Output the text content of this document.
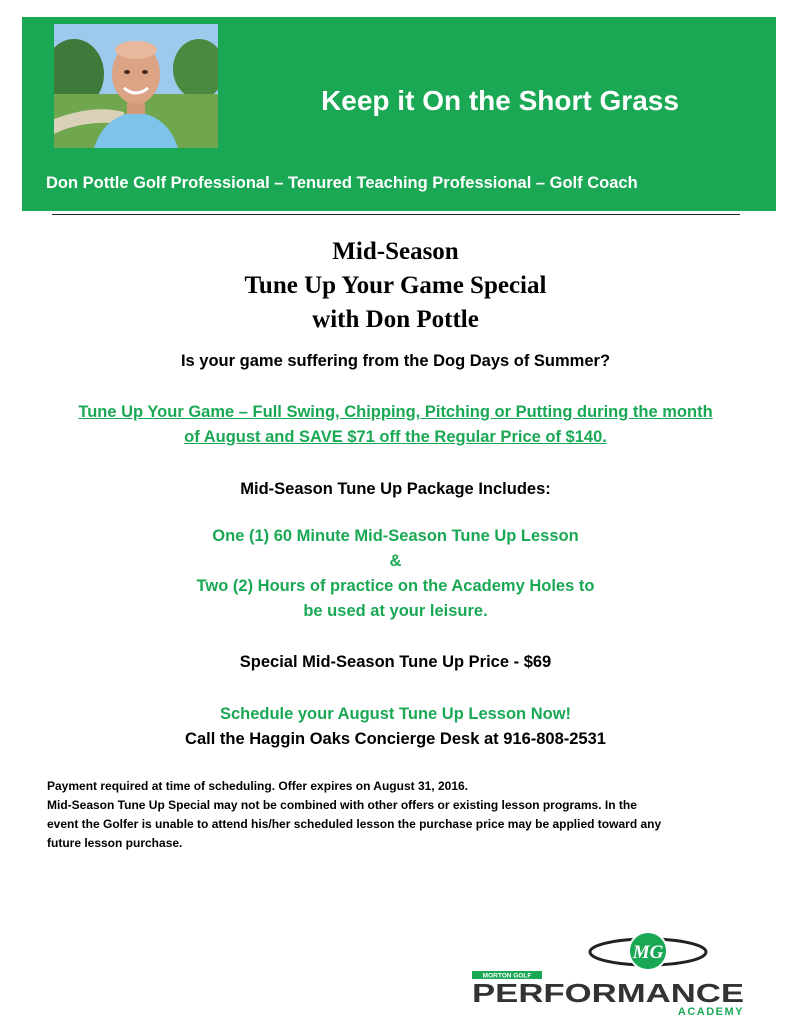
Keep it On the Short Grass
Don Pottle Golf Professional – Tenured Teaching Professional – Golf Coach
Mid-Season
Tune Up Your Game Special
with Don Pottle
Is your game suffering from the Dog Days of Summer?
Tune Up Your Game – Full Swing, Chipping, Pitching or Putting during the month
of August and SAVE $71 off the Regular Price of $140.
Mid-Season Tune Up Package Includes:
One (1) 60 Minute Mid-Season Tune Up Lesson
&
Two (2) Hours of practice on the Academy Holes to
be used at your leisure.
Special Mid-Season Tune Up Price - $69
Schedule your August Tune Up Lesson Now!
Call the Haggin Oaks Concierge Desk at 916-808-2531
Payment required at time of scheduling. Offer expires on August 31, 2016.
Mid-Season Tune Up Special may not be combined with other offers or existing lesson programs. In the
event the Golfer is unable to attend his/her scheduled lesson the purchase price may be applied toward any
future lesson purchase.
MG
MORTON GOLF
PERFORMANCE
ACADEMY
